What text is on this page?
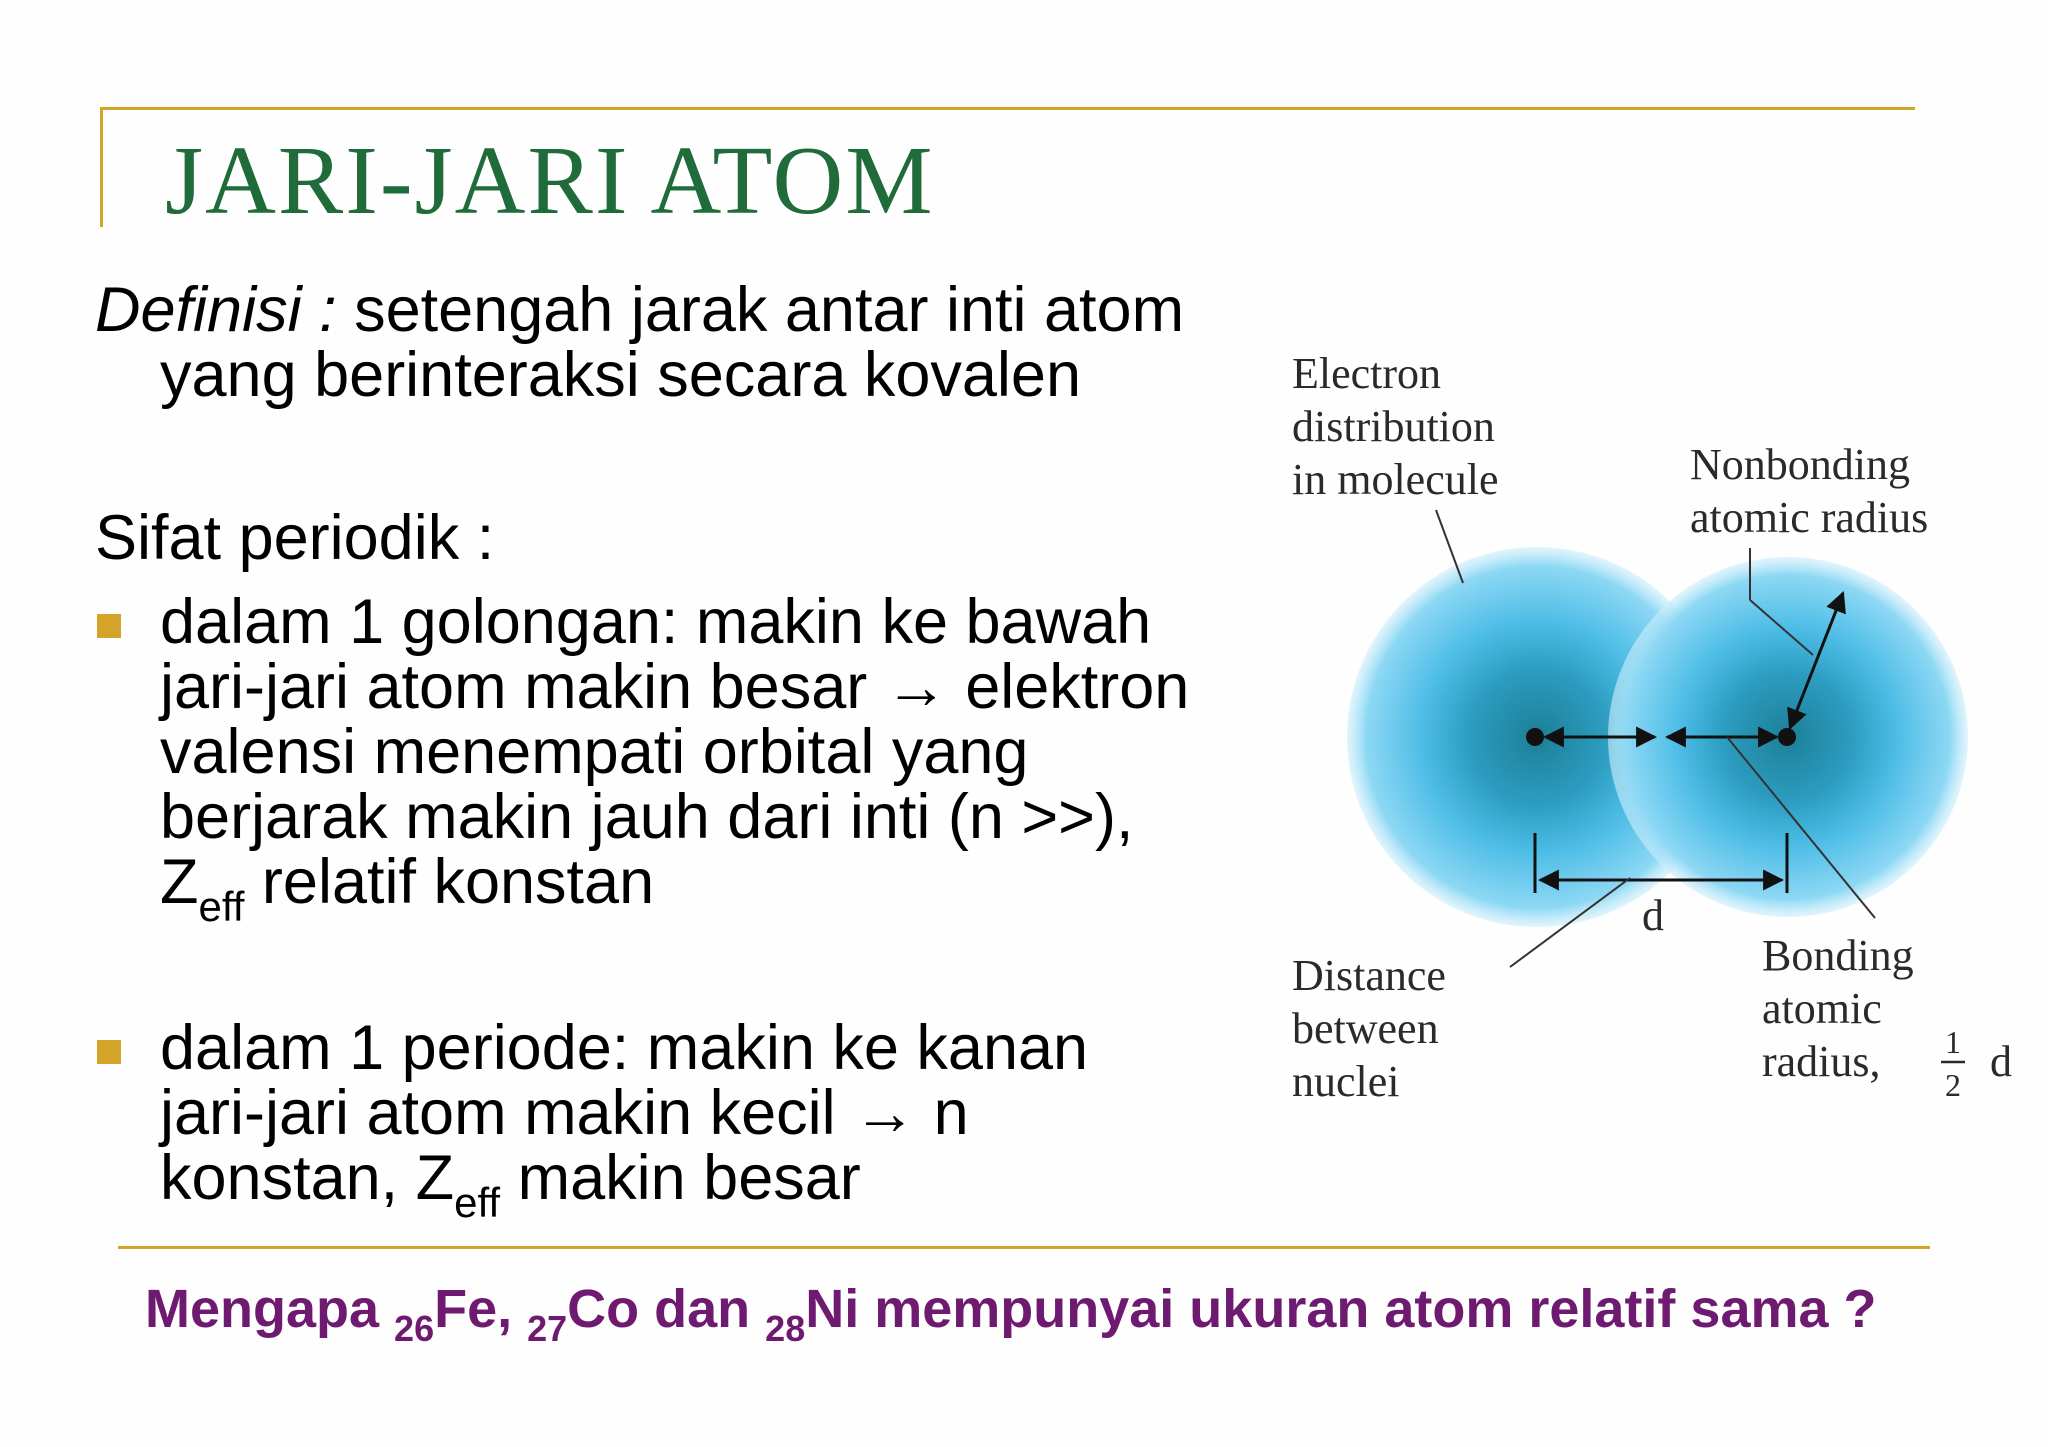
JARI-JARI ATOM
Definisi : setengah jarak antar inti atom
yang berinteraksi secara kovalen
Sifat periodik :
dalam 1 golongan: makin ke bawah
jari-jari atom makin besar → elektron
valensi menempati orbital yang
berjarak makin jauh dari inti (n >>),
$Z_{eff}$ relatif konstan
dalam 1 periode: makin ke kanan
jari-jari atom makin kecil → n
konstan, $Z_{eff}$ makin besar
d
Electron distribution in molecule	Nonbonding atomic radius
Distance between nuclei
Bonding atomic radius,	1
2 d
Mengapa $_{26}$Fe, $_{27}$Co dan $_{28}$Ni mempunyai ukuran atom relatif sama ?
